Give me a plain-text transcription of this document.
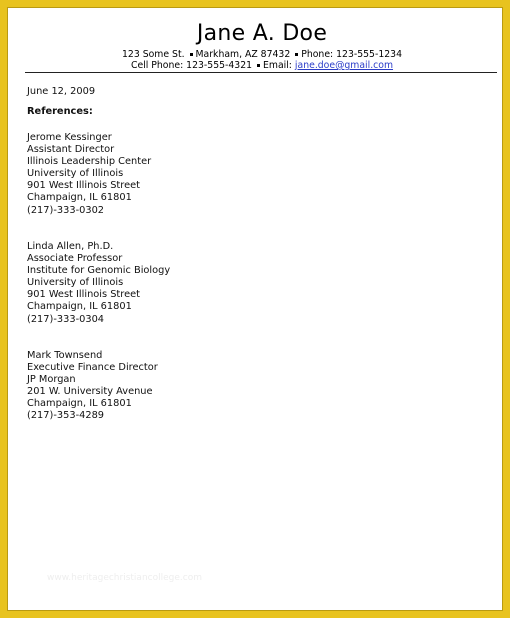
Jane A. Doe
123 Some St. Markham, AZ 87432 Phone: 123-555-1234
Cell Phone: 123-555-4321 Email: jane.doe@gmail.com
June 12, 2009
References:
Jerome Kessinger
Assistant Director
Illinois Leadership Center
University of Illinois
901 West Illinois Street
Champaign, IL 61801
(217)-333-0302
Linda Allen, Ph.D.
Associate Professor
Institute for Genomic Biology
University of Illinois
901 West Illinois Street
Champaign, IL 61801
(217)-333-0304
Mark Townsend
Executive Finance Director
JP Morgan
201 W. University Avenue
Champaign, IL 61801
(217)-353-4289
www.heritagechristiancollege.com
